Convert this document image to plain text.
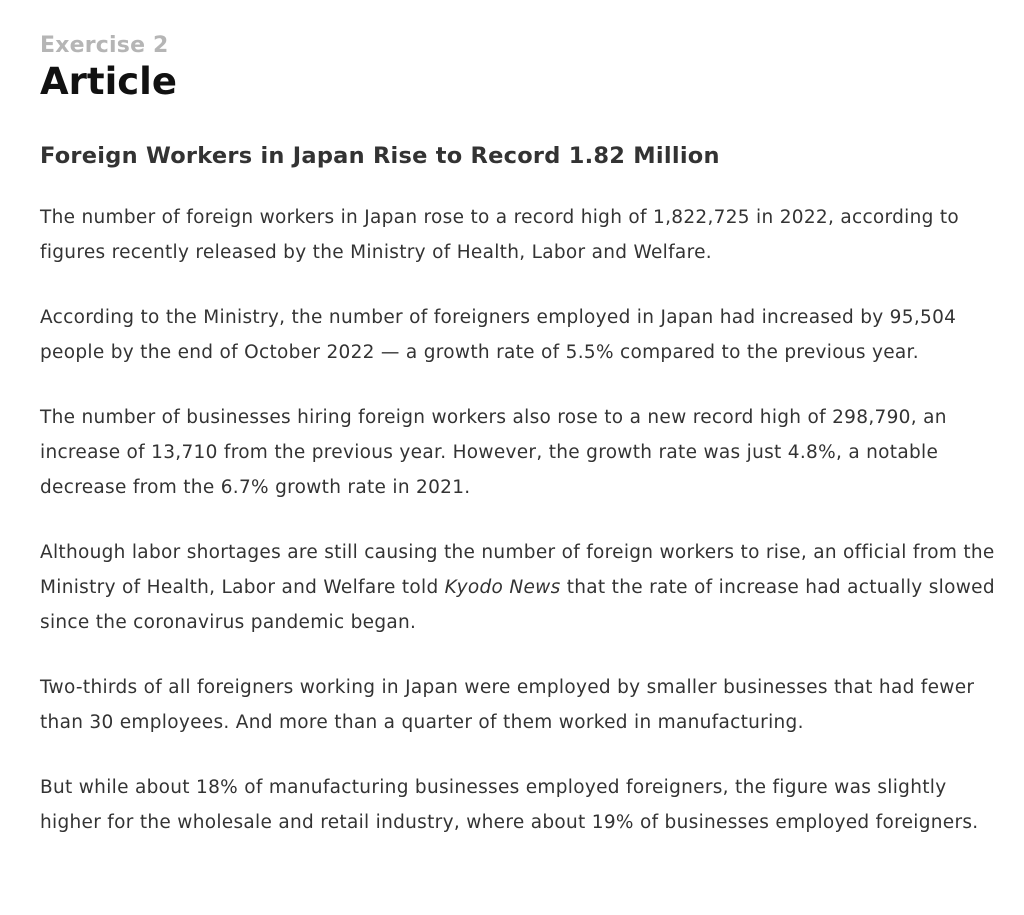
Exercise 2

Article
Foreign Workers in Japan Rise to Record 1.82 Million

The number of foreign workers in Japan rose to a record high of 1,822,725 in 2022, according to figures recently released by the Ministry of Health, Labor and Welfare.

According to the Ministry, the number of foreigners employed in Japan had increased by 95,504 people by the end of October 2022 — a growth rate of 5.5% compared to the previous year.

The number of businesses hiring foreign workers also rose to a new record high of 298,790, an increase of 13,710 from the previous year. However, the growth rate was just 4.8%, a notable decrease from the 6.7% growth rate in 2021.

Although labor shortages are still causing the number of foreign workers to rise, an official from the Ministry of Health, Labor and Welfare told Kyodo News that the rate of increase had actually slowed since the coronavirus pandemic began.

Two-thirds of all foreigners working in Japan were employed by smaller businesses that had fewer than 30 employees. And more than a quarter of them worked in manufacturing.

But while about 18% of manufacturing businesses employed foreigners, the figure was slightly higher for the wholesale and retail industry, where about 19% of businesses employed foreigners.
